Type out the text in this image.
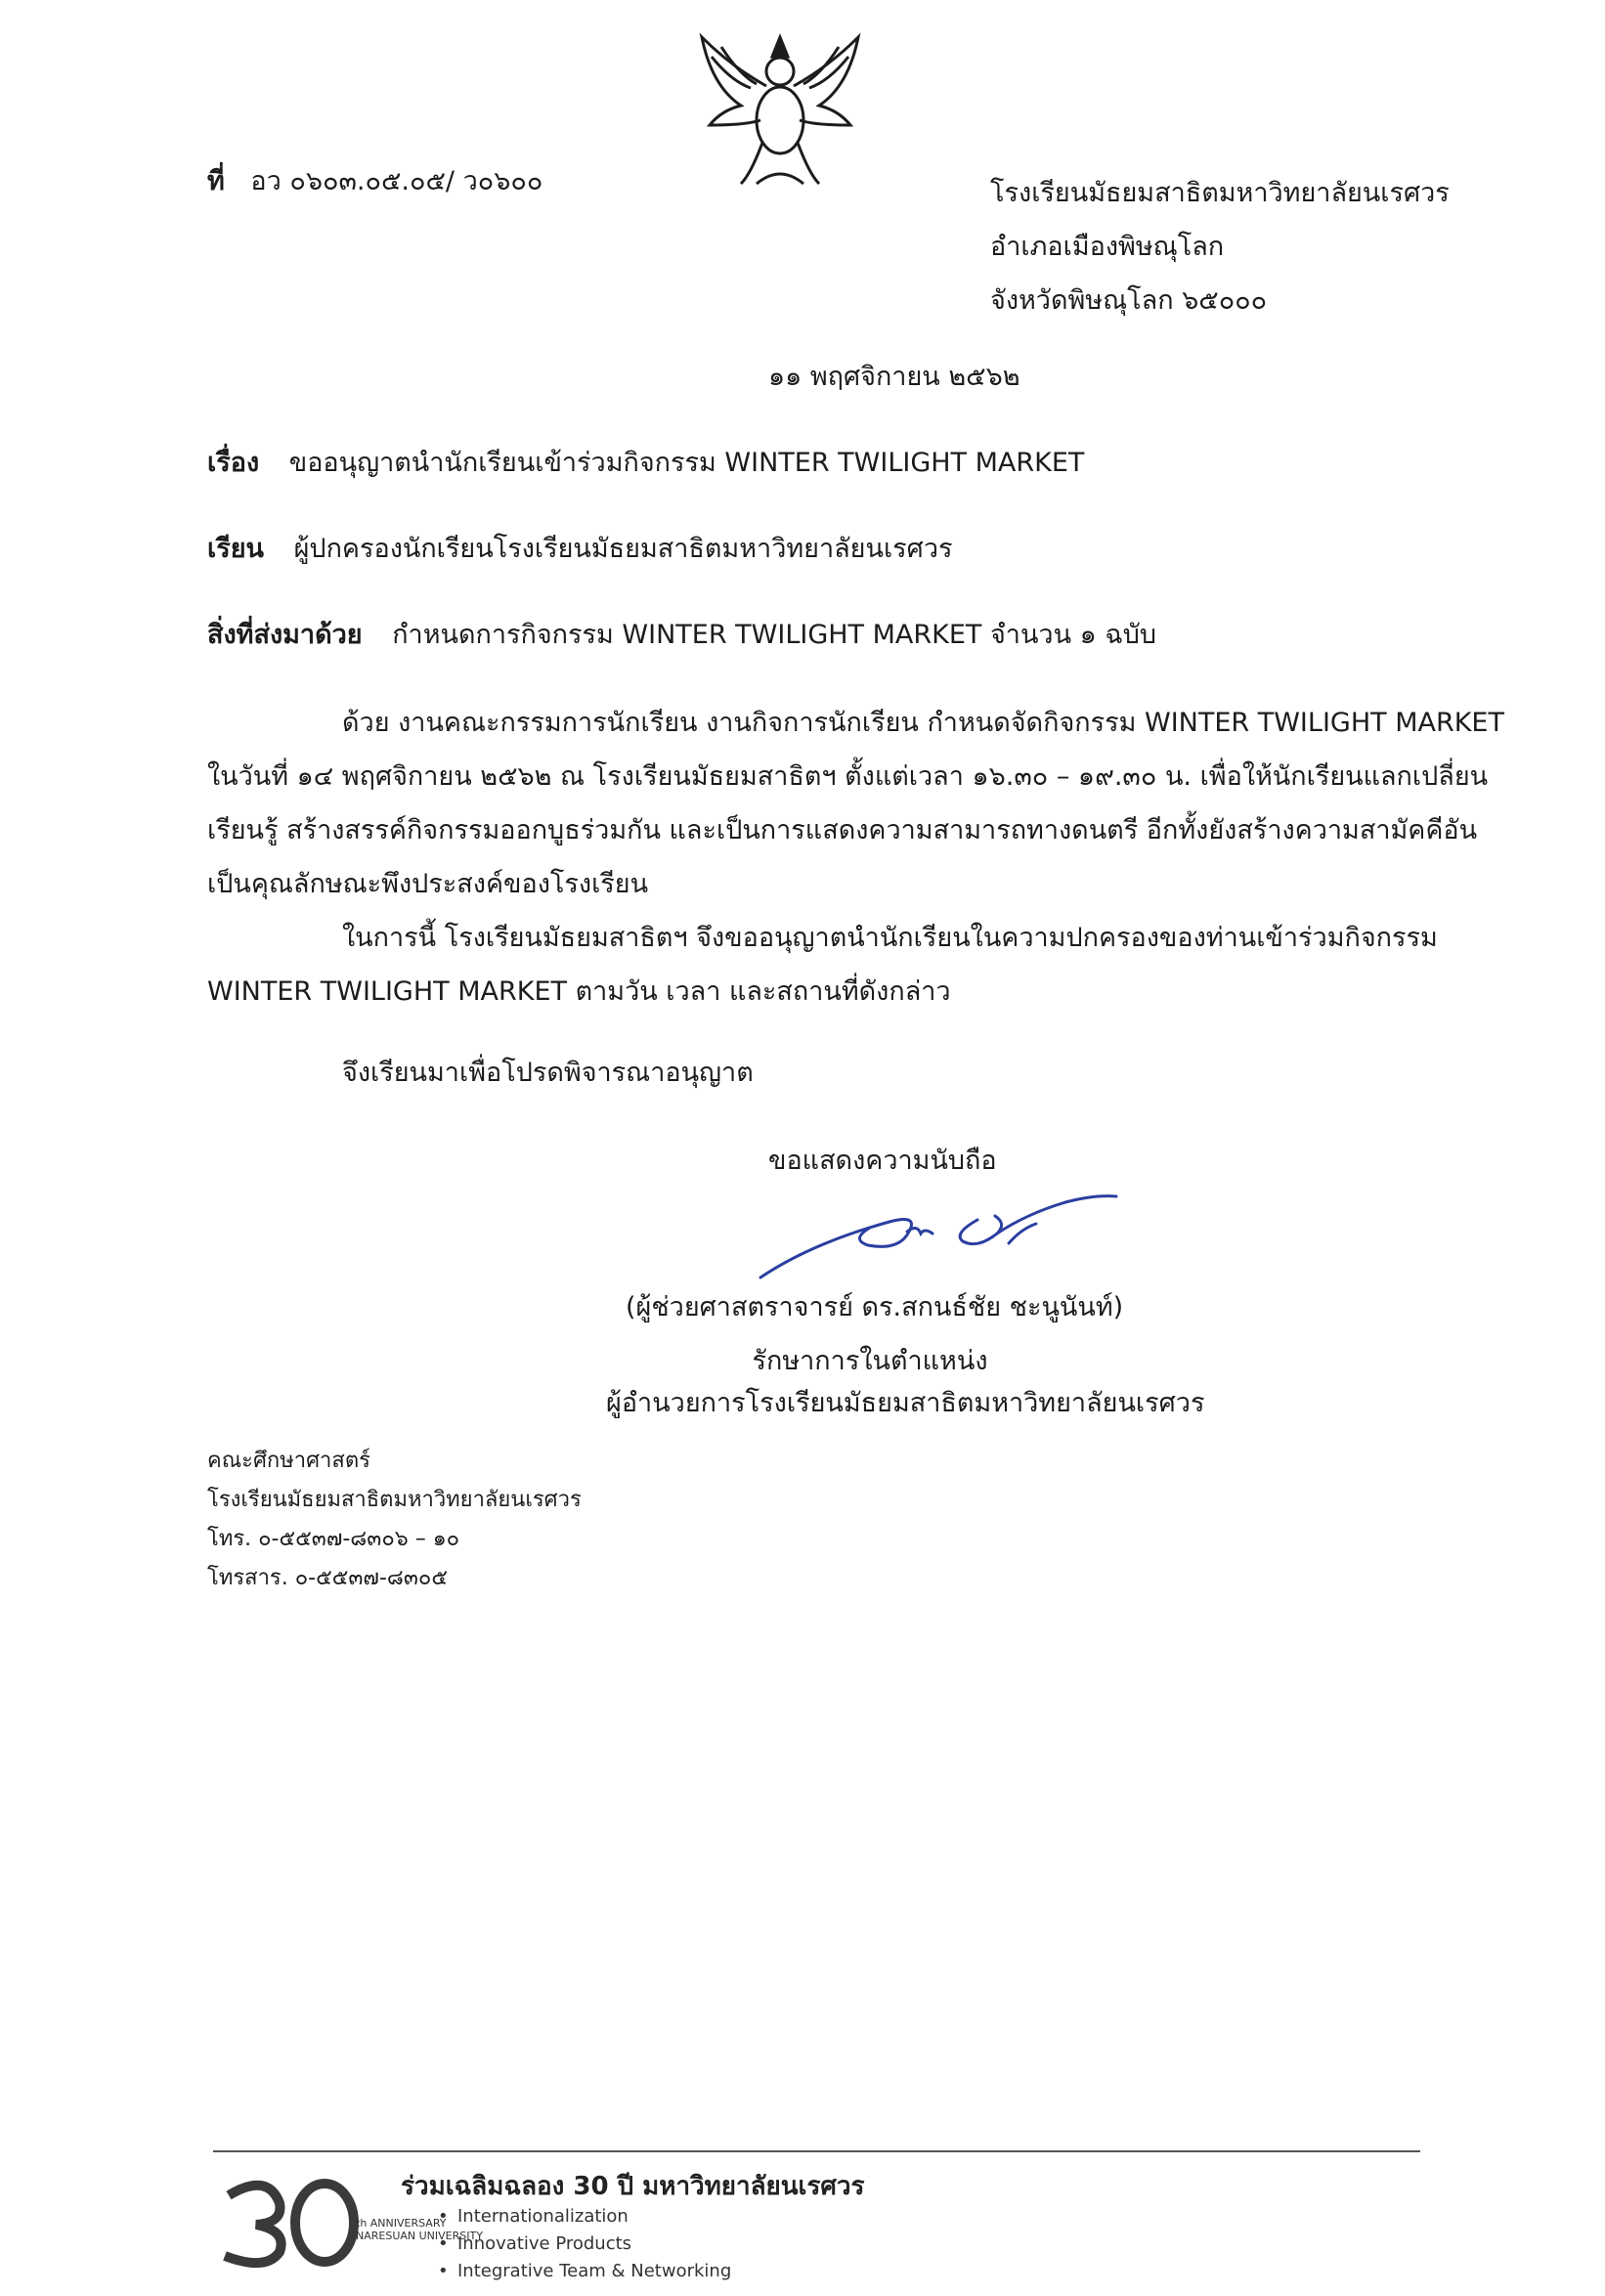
ที่ อว ๐๖๐๓.๐๕.๐๕/ ว๐๖๐๐	โรงเรียนมัธยมสาธิตมหาวิทยาลัยนเรศวร
อำเภอเมืองพิษณุโลก
จังหวัดพิษณุโลก ๖๕๐๐๐
๑๑ พฤศจิกายน ๒๕๖๒
เรื่อง ขออนุญาตนำนักเรียนเข้าร่วมกิจกรรม WINTER TWILIGHT MARKET
เรียน ผู้ปกครองนักเรียนโรงเรียนมัธยมสาธิตมหาวิทยาลัยนเรศวร
สิ่งที่ส่งมาด้วย กำหนดการกิจกรรม WINTER TWILIGHT MARKET จำนวน ๑ ฉบับ

ด้วย งานคณะกรรมการนักเรียน งานกิจการนักเรียน กำหนดจัดกิจกรรม WINTER TWILIGHT MARKET ในวันที่ ๑๔ พฤศจิกายน ๒๕๖๒ ณ โรงเรียนมัธยมสาธิตฯ ตั้งแต่เวลา ๑๖.๓๐ – ๑๙.๓๐ น. เพื่อให้นักเรียนแลกเปลี่ยนเรียนรู้ สร้างสรรค์กิจกรรมออกบูธร่วมกัน และเป็นการแสดงความสามารถทางดนตรี อีกทั้งยังสร้างความสามัคคีอันเป็นคุณลักษณะพึงประสงค์ของโรงเรียน

ในการนี้ โรงเรียนมัธยมสาธิตฯ จึงขออนุญาตนำนักเรียนในความปกครองของท่านเข้าร่วมกิจกรรม WINTER TWILIGHT MARKET ตามวัน เวลา และสถานที่ดังกล่าว

จึงเรียนมาเพื่อโปรดพิจารณาอนุญาต
ขอแสดงความนับถือ
(ผู้ช่วยศาสตราจารย์ ดร.สกนธ์ชัย ชะนูนันท์)
รักษาการในตำแหน่ง
ผู้อำนวยการโรงเรียนมัธยมสาธิตมหาวิทยาลัยนเรศวร
คณะศึกษาศาสตร์
โรงเรียนมัธยมสาธิตมหาวิทยาลัยนเรศวร
โทร. ๐-๕๕๓๗-๘๓๐๖ – ๑๐
โทรสาร. ๐-๕๕๓๗-๘๓๐๕
th ANNIVERSARY
NARESUAN UNIVERSITY
ร่วมเฉลิมฉลอง 30 ปี มหาวิทยาลัยนเรศวร
• Internationalization
• Innovative Products
• Integrative Team & Networking
